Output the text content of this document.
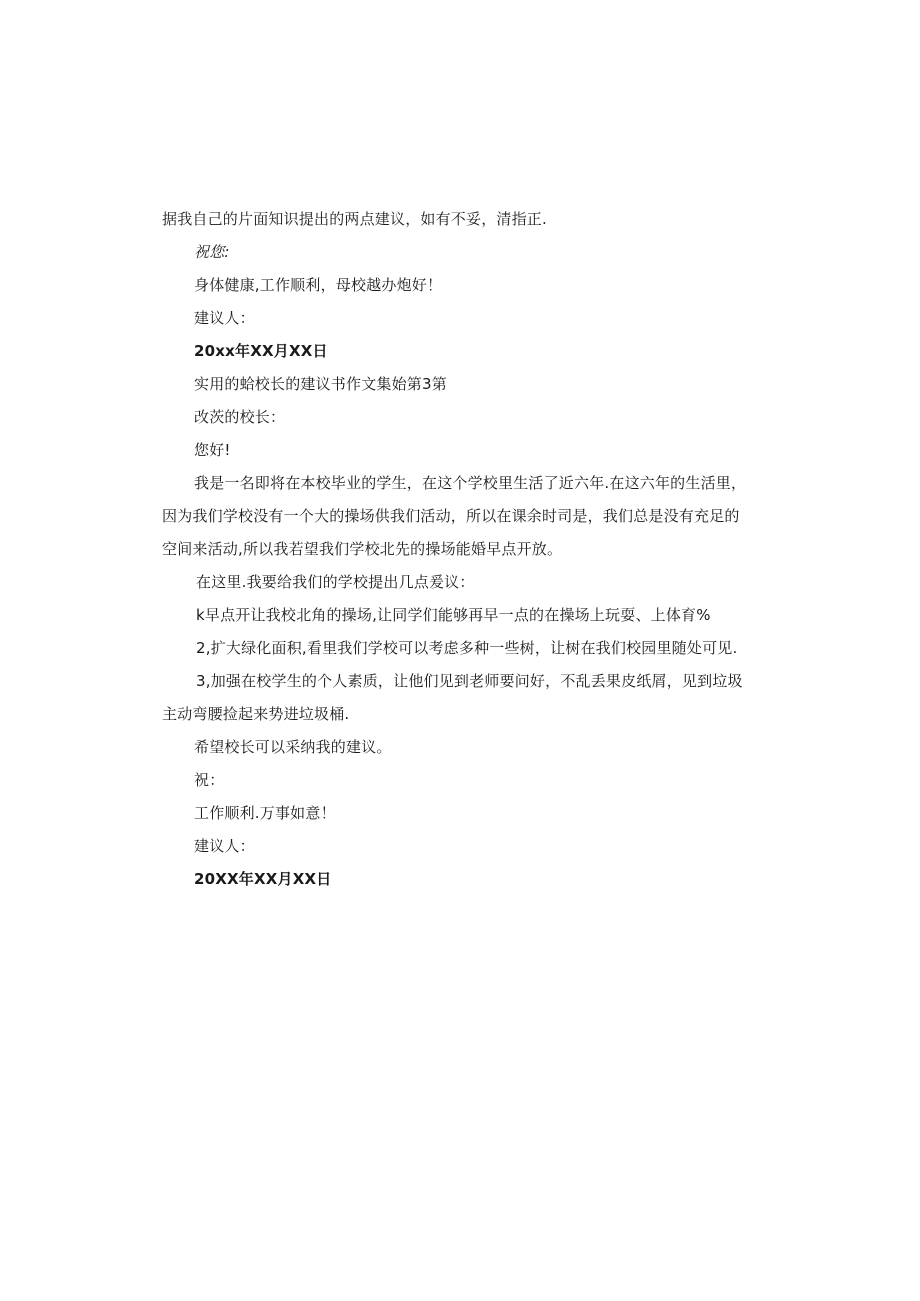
据我自己的片面知识提出的两点建议，如有不妥，清指正.
祝您:
身体健康,工作顺利，母校越办炮好！
建议人：
20xx年XX月XX日
实用的蛤校长的建议书作文集始第3第
改茨的校长：
您好!
我是一名即将在本校毕业的学生，在这个学校里生活了近六年.在这六年的生活里，
因为我们学校没有一个大的操场供我们活动，所以在课余时司是，我们总是没有充足的
空间来活动,所以我若望我们学校北先的操场能婚早点开放。
在这里.我要给我们的学校提出几点爰议：
k早点开让我校北角的操场,让同学们能够再早一点的在操场上玩耍、上体育%
2,扩大绿化面积,看里我们学校可以考虑多种一些树，让树在我们校园里随处可见.
3,加强在校学生的个人素质，让他们见到老师要问好，不乱丢果皮纸屑，见到垃圾
主动弯腰捡起来势进垃圾桶.
希望校长可以采纳我的建议。
祝：
工作顺利.万事如意！
建议人：
20XX年XX月XX日
